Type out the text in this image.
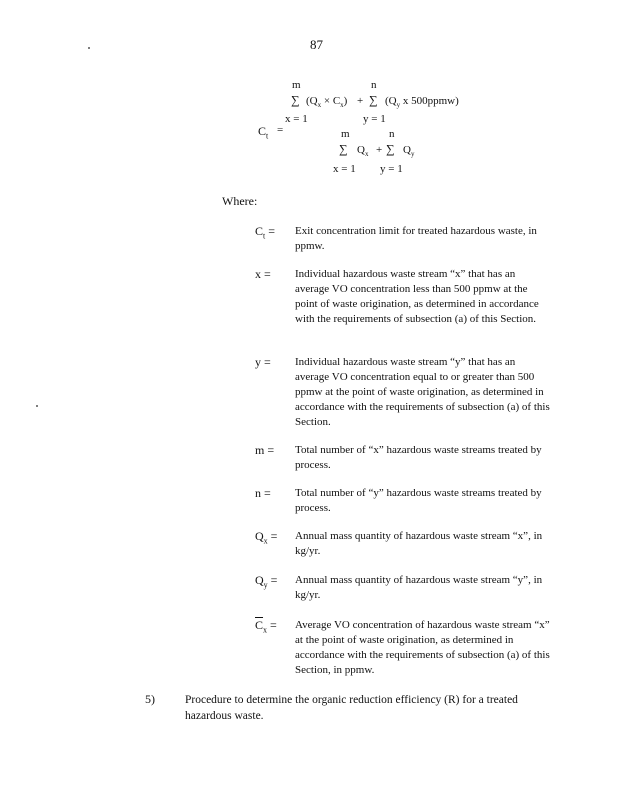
87
$C_t$ =
m	n
∑ $(Q_x \times C_x)$ + ∑ ($Q_y$ x 500ppmw)
x = 1	y = 1
m	n
∑ $Q_x$ + ∑ $Q_y$
x = 1 y = 1
Where:
$C_t$ =	Exit concentration limit for treated hazardous waste, in ppmw.
x =	Individual hazardous waste stream “x” that has an average VO concentration less than 500 ppmw at the point of waste origination, as determined in accordance with the requirements of subsection (a) of this Section.
y =	Individual hazardous waste stream “y” that has an average VO concentration equal to or greater than 500 ppmw at the point of waste origination, as determined in accordance with the requirements of subsection (a) of this Section.
m =	Total number of “x” hazardous waste streams treated by process.
n =	Total number of “y” hazardous waste streams treated by process.
$Q_x$ =	Annual mass quantity of hazardous waste stream “x”, in kg/yr.
$Q_y$ =	Annual mass quantity of hazardous waste stream “y”, in kg/yr.
$\overline{C}_x$ =	Average VO concentration of hazardous waste stream “x” at the point of waste origination, as determined in accordance with the requirements of subsection (a) of this Section, in ppmw.
5)	Procedure to determine the organic reduction efficiency (R) for a treated hazardous waste.
